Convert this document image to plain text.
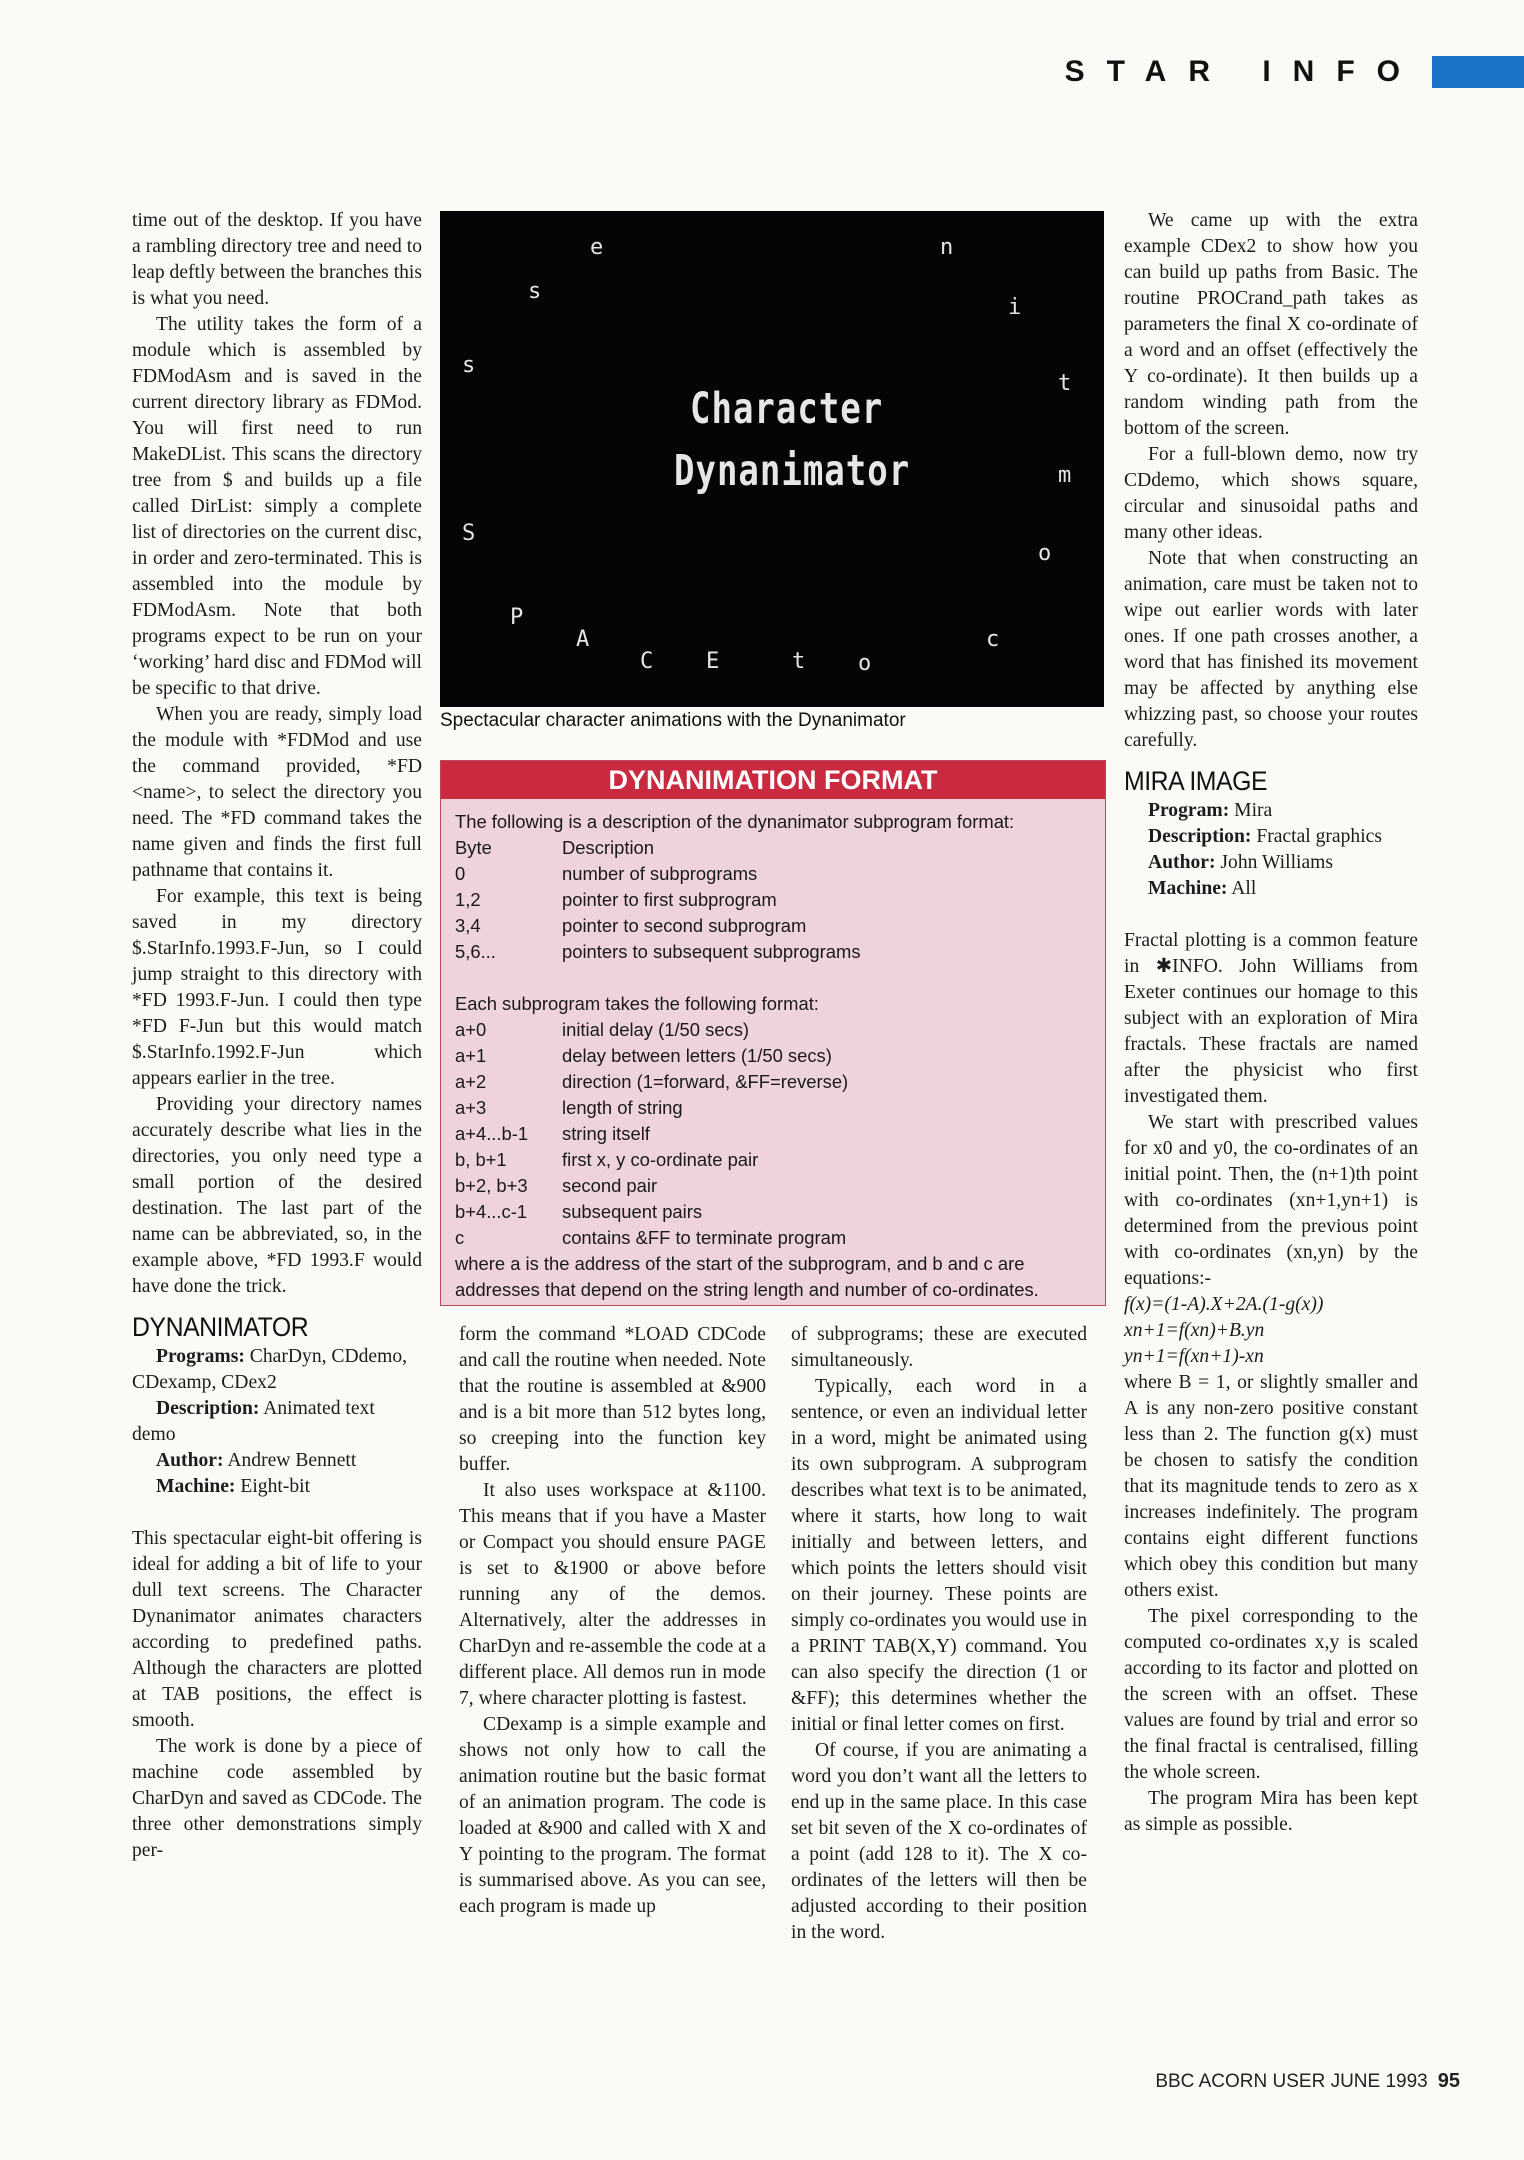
STAR INFO

time out of the desktop. If you have a rambling directory tree and need to leap deftly between the branches this is what you need.

The utility takes the form of a module which is assembled by FDModAsm and is saved in the current directory library as FDMod. You will first need to run MakeDList. This scans the directory tree from $ and builds up a file called DirList: simply a complete list of directories on the current disc, in order and zero-terminated. This is assembled into the module by FDModAsm. Note that both programs expect to be run on your ‘working’ hard disc and FDMod will be specific to that drive.

When you are ready, simply load the module with *FDMod and use the command provided, *FD <name>, to select the directory you need. The *FD command takes the name given and finds the first full pathname that contains it.

For example, this text is being saved in my directory $.StarInfo.1993.F-Jun, so I could jump straight to this directory with *FD 1993.F-Jun. I could then type *FD F-Jun but this would match $.StarInfo.1992.F-Jun which appears earlier in the tree.

Providing your directory names accurately describe what lies in the directories, you only need type a small portion of the desired destination. The last part of the name can be abbreviated, so, in the example above, *FD 1993.F would have done the trick.

DYNANIMATOR

Programs: CharDyn, CDdemo, CDexamp, CDex2

Description: Animated text demo

Author: Andrew Bennett

Machine: Eight-bit

This spectacular eight-bit offering is ideal for adding a bit of life to your dull text screens. The Character Dynanimator animates characters according to predefined paths. Although the characters are plotted at TAB positions, the effect is smooth.

The work is done by a piece of machine code assembled by CharDyn and saved as CDCode. The three other demonstrations simply per-

Character
Dynanimator
e	n
s
i
s
t
m
S
o
P
A	c
C E	t o
Spectacular character animations with the Dynanimator
DYNANIMATION FORMAT
The following is a description of the dynanimator subprogram format:
Byte	Description
0	number of subprograms
1,2	pointer to first subprogram
3,4	pointer to second subprogram
5,6...	pointers to subsequent subprograms
Each subprogram takes the following format:
a+0	initial delay (1/50 secs)
a+1	delay between letters (1/50 secs)
a+2	direction (1=forward, &FF=reverse)
a+3	length of string
a+4...b-1	string itself
b, b+1	first x, y co-ordinate pair
b+2, b+3	second pair
b+4...c-1	subsequent pairs
c	contains &FF to terminate program
where a is the address of the start of the subprogram, and b and c are addresses that depend on the string length and number of co-ordinates.

form the command *LOAD CDCode and call the routine when needed. Note that the routine is assembled at &900 and is a bit more than 512 bytes long, so creeping into the function key buffer.

It also uses workspace at &1100. This means that if you have a Master or Compact you should ensure PAGE is set to &1900 or above before running any of the demos. Alternatively, alter the addresses in CharDyn and re-assemble the code at a different place. All demos run in mode 7, where character plotting is fastest.

CDexamp is a simple example and shows not only how to call the animation routine but the basic format of an animation program. The code is loaded at &900 and called with X and Y pointing to the program. The format is summarised above. As you can see, each program is made up

of subprograms; these are executed simultaneously.

Typically, each word in a sentence, or even an individual letter in a word, might be animated using its own subprogram. A subprogram describes what text is to be animated, where it starts, how long to wait initially and between letters, and which points the letters should visit on their journey. These points are simply co-ordinates you would use in a PRINT TAB(X,Y) command. You can also specify the direction (1 or &FF); this determines whether the initial or final letter comes on first.

Of course, if you are animating a word you don’t want all the letters to end up in the same place. In this case set bit seven of the X co-ordinates of a point (add 128 to it). The X co-ordinates of the letters will then be adjusted according to their position in the word.

We came up with the extra example CDex2 to show how you can build up paths from Basic. The routine PROCrand_path takes as parameters the final X co-ordinate of a word and an offset (effectively the Y co-ordinate). It then builds up a random winding path from the bottom of the screen.

For a full-blown demo, now try CDdemo, which shows square, circular and sinusoidal paths and many other ideas.

Note that when constructing an animation, care must be taken not to wipe out earlier words with later ones. If one path crosses another, a word that has finished its movement may be affected by anything else whizzing past, so choose your routes carefully.

MIRA IMAGE

Program: Mira

Description: Fractal graphics

Author: John Williams

Machine: All

Fractal plotting is a common feature in ✱INFO. John Williams from Exeter continues our homage to this subject with an exploration of Mira fractals. These fractals are named after the physicist who first investigated them.

We start with prescribed values for x0 and y0, the co-ordinates of an initial point. Then, the (n+1)th point with co-ordinates (xn+1,yn+1) is determined from the previous point with co-ordinates (xn,yn) by the equations:-

f(x)=(1-A).X+2A.(1-g(x))

xn+1=f(xn)+B.yn

yn+1=f(xn+1)-xn

where B = 1, or slightly smaller and A is any non-zero positive constant less than 2. The function g(x) must be chosen to satisfy the condition that its magnitude tends to zero as x increases indefinitely. The program contains eight different functions which obey this condition but many others exist.

The pixel corresponding to the computed co-ordinates x,y is scaled according to its factor and plotted on the screen with an offset. These values are found by trial and error so the final fractal is centralised, filling the whole screen.

The program Mira has been kept as simple as possible.

BBC ACORN USER JUNE 1993 95
